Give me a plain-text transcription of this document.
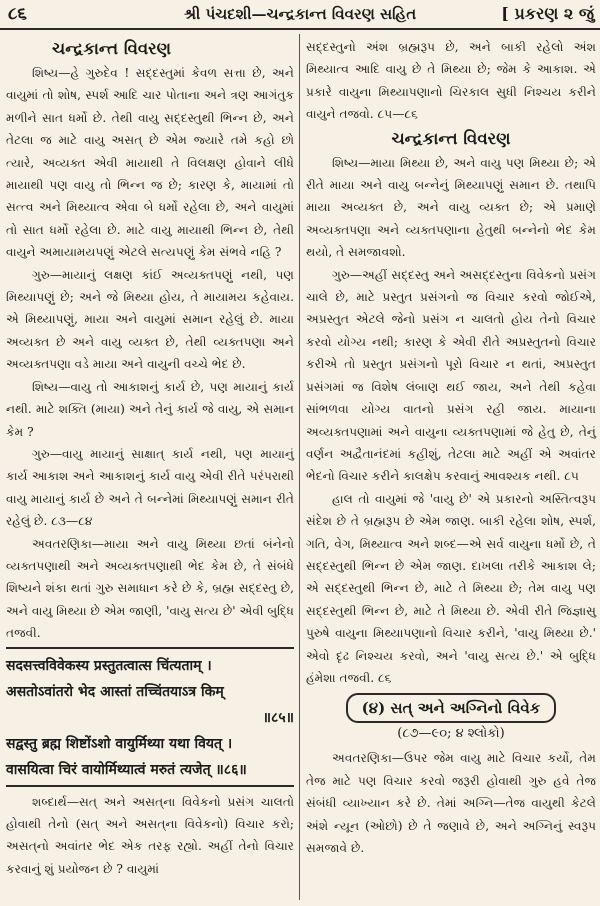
૮૬	શ્રી પંચદશી—ચન્દ્રકાન્ત વિવરણ સહિત	[ પ્રકરણ ૨ જું
ચન્દ્રકાન્ત વિવરણ

શિષ્ય—હે ગુરુદેવ ! સદ્દસ્તુમાં કેવળ સત્તા છે, અને વાયુમાં તો શોષ, સ્પર્શ આદિ ચાર પોતાના અને ત્રણ આગંતુક મળીને સાત ધર્મો છે. તેથી વાયુ સદ્દસ્તુથી ભિન્ન છે, અને તેટલા જ માટે વાયુ અસત્ છે એમ જ્યારે તમે કહો છો ત્યારે, અવ્યક્ત એવી માયાથી તે વિલક્ષણ હોવાને લીધે માયાથી પણ વાયુ તો ભિન્ન જ છે; કારણ કે, માયામાં તો સત્ત્વ અને મિથ્યાત્વ એવા બે ધર્મો રહેલા છે, અને વાયુમાં તો સાત ધર્મો રહેલા છે. માટે વાયુ માયાથી ભિન્ન છે, તેથી વાયુને અમાયામયપણું એટલે સત્યપણું કેમ સંભવે નહિ ?

ગુરુ—માયાનું લક્ષણ કાંઈ અવ્યક્તપણું નથી, પણ મિથ્યાપણું છે; અને જે મિથ્યા હોય, તે માયામય કહેવાય. એ મિથ્યાપણું, માયા અને વાયુમાં સમાન રહેલું છે. માયા અવ્યક્ત છે અને વાયુ વ્યક્ત છે, તેથી વ્યક્તપણા અને અવ્યક્તપણા વડે માયા અને વાયુની વચ્ચે ભેદ છે.

શિષ્ય—વાયુ તો આકાશનું કાર્ય છે, પણ માયાનું કાર્ય નથી. માટે શક્તિ (માયા) અને તેનું કાર્ય જે વાયુ, એ સમાન કેમ ?

ગુરુ—વાયુ માયાનું સાક્ષાત્ કાર્ય નથી, પણ માયાનું કાર્ય આકાશ અને આકાશનું કાર્ય વાયુ એવી રીતે પરંપરાથી વાયુ માયાનું કાર્ય છે અને તે બન્નેમાં મિથ્યાપણું સમાન રીતે રહેલું છે. ૮૩—૮૪

અવતરણિકા—માયા અને વાયુ મિથ્યા છતાં બંનેનો વ્યક્તપણાથી અને અવ્યક્તપણાથી ભેદ કેમ છે, તે સંબંધે શિષ્યને શંકા થતાં ગુરુ સમાધાન કરે છે કે, બ્રહ્મ સદ્દસ્તુ છે, અને વાયુ મિથ્યા છે એમ જાણી, 'વાયુ સત્ય છે' એવી બુદ્ધિ તજવી.

सदसत्त्वविवेकस्य प्रस्तुतत्वात्स चिंत्यताम् ।

असतोऽवांतरो भेद आस्तां तच्चिंतयाऽत्र किम्

॥८५॥

सद्वस्तु ब्रह्म शिष्टोंऽशो वायुर्मिथ्या यथा वियत् ।

वासयित्वा चिरं वायोर्मिथ्यात्वं मरुतं त्यजेत् ॥८६॥

શબ્દાર્થ—સત્ અને અસત્‌ના વિવેકનો પ્રસંગ ચાલતો હોવાથી તેનો (સત્ અને અસત્‌ના વિવેકનો) વિચાર કરો; અસત્‌નો અવાંતર ભેદ એક તરફ રહ્યો. અહીં તેનો વિચાર કરવાનું શું પ્રયોજન છે ? વાયુમાં

સદ્દસ્તુનો અંશ બ્રહ્મરૂપ છે, અને બાકી રહેલો અંશ મિથ્યાત્વ આદિ વાયુ છે તે મિથ્યા છે; જેમ કે આકાશ. એ પ્રકારે વાયુના મિથ્યાપણાનો ચિરકાલ સુધી નિશ્ચય કરીને વાયુને તજવો. ૮૫—૮૬

ચન્દ્રકાન્ત વિવરણ

શિષ્ય—માયા મિથ્યા છે, અને વાયુ પણ મિથ્યા છે; એ રીતે માયા અને વાયુ બન્નેનું મિથ્યાપણું સમાન છે. તથાપિ માયા અવ્યક્ત છે, અને વાયુ વ્યક્ત છે; એ પ્રમાણે અવ્યક્તપણા અને વ્યક્તપણાના હેતુથી બન્નેનો ભેદ કેમ થયો, તે સમજાવશો.

ગુરુ—અહીં સદ્દસ્તુ અને અસદ્દસ્તુના વિવેકનો પ્રસંગ ચાલે છે, માટે પ્રસ્તુત પ્રસંગનો જ વિચાર કરવો જોઈએ, અપ્રસ્તુત એટલે જેનો પ્રસંગ ન ચાલતો હોય તેનો વિચાર કરવો યોગ્ય નથી; કારણ કે એવી રીતે અપ્રસ્તુતનો વિચાર કરીએ તો પ્રસ્તુત પ્રસંગનો પૂરો વિચાર ન થતાં, અપ્રસ્તુત પ્રસંગમાં જ વિશેષ લંબાણ થઈ જાય, અને તેથી કહેવા સાંભળવા યોગ્ય વાતનો પ્રસંગ રહી જાય. માયાના અવ્યક્તપણામાં અને વાયુના વ્યક્તપણામાં જે હેતુ છે, તેનું વર્ણન અદ્વૈતાનંદમાં કહીશું, તેટલા માટે અહીં એ અવાંતર ભેદનો વિચાર કરીને કાલક્ષેપ કરવાનું આવશ્યક નથી. ૮૫

હાલ તો વાયુમાં જે 'વાયુ છે' એ પ્રકારનો અસ્તિત્વરૂપ સંદેશ છે તે બ્રહ્મરૂપ છે એમ જાણ. બાકી રહેલા શોષ, સ્પર્શ, ગતિ, વેગ, મિથ્યાત્વ અને શબ્દ—એ સર્વ વાયુના ધર્મો છે, તે સદ્દસ્તુથી ભિન્ન છે એમ જાણ. દાખલા તરીકે આકાશ લે; એ સદ્દસ્તુથી ભિન્ન છે, માટે તે મિથ્યા છે; તેમ વાયુ પણ સદ્દસ્તુથી ભિન્ન છે, માટે તે મિથ્યા છે. એવી રીતે જિજ્ઞાસુ પુરુષે વાયુના મિથ્યાપણાનો વિચાર કરીને, 'વાયુ મિથ્યા છે.' એવો દૃઢ નિશ્ચય કરવો, અને 'વાયુ સત્ય છે.' એ બુદ્ધિ હંમેશા તજવી. ૮૬

(૪) સત્ અને અગ્નિનો વિવેક
(૮૭—૯૦; ૪ શ્લોકો)

અવતરણિકા—ઉપર જેમ વાયુ માટે વિચાર કર્યો, તેમ તેજ માટે પણ વિચાર કરવો જરૂરી હોવાથી ગુરુ હવે તેજ સંબંધી વ્યાખ્યાન કરે છે. તેમાં અગ્નિ—તેજ વાયુથી કેટલે અંશે ન્યૂન (ઓછો) છે તે જણાવે છે, અને અગ્નિનું સ્વરૂપ સમજાવે છે.
